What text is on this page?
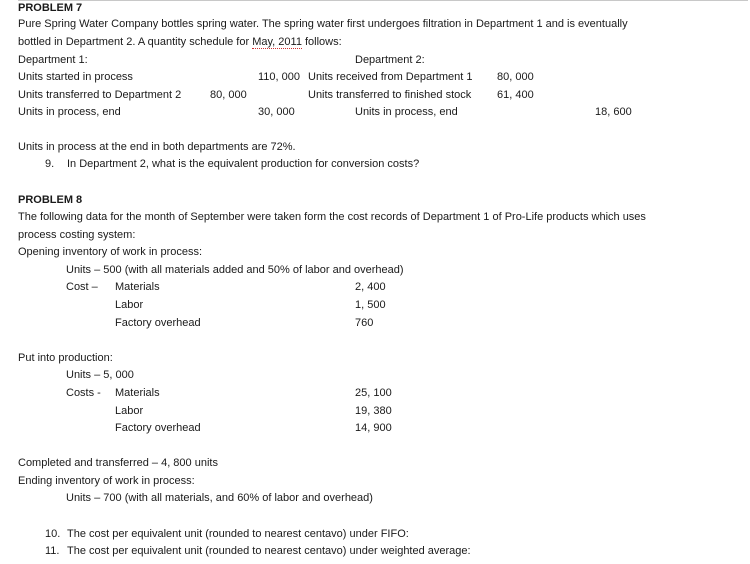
PROBLEM 7
Pure Spring Water Company bottles spring water. The spring water first undergoes filtration in Department 1 and is eventually
bottled in Department 2. A quantity schedule for May, 2011 follows:
Department 1:	Department 2:
Units started in process	110, 000
Units transferred to Department 2	80, 000
Units in process, end	30, 000
Units received from Department 1 80, 000
Units transferred to finished stock 61, 400
Units in process, end	18, 600
Units in process at the end in both departments are 72%.
9. In Department 2, what is the equivalent production for conversion costs?
PROBLEM 8
The following data for the month of September were taken form the cost records of Department 1 of Pro-Life products which uses
process costing system:
Opening inventory of work in process:
Units – 500 (with all materials added and 50% of labor and overhead)
Cost – Materials	2, 400
Labor	1, 500
Factory overhead	760
Put into production:
Units – 5, 000
Costs - Materials	25, 100
Labor	19, 380
Factory overhead	14, 900
Completed and transferred – 4, 800 units
Ending inventory of work in process:
Units – 700 (with all materials, and 60% of labor and overhead)
10. The cost per equivalent unit (rounded to nearest centavo) under FIFO:
11. The cost per equivalent unit (rounded to nearest centavo) under weighted average:
